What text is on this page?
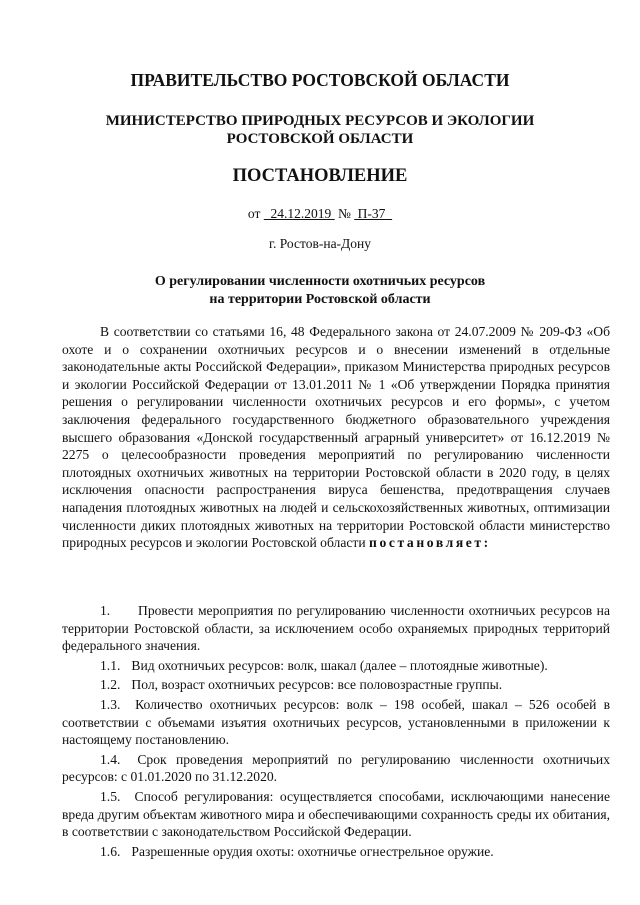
ПРАВИТЕЛЬСТВО РОСТОВСКОЙ ОБЛАСТИ
МИНИСТЕРСТВО ПРИРОДНЫХ РЕСУРСОВ И ЭКОЛОГИИ
РОСТОВСКОЙ ОБЛАСТИ
ПОСТАНОВЛЕНИЕ
от 24.12.2019 № П-37
г. Ростов-на-Дону
О регулировании численности охотничьих ресурсов
на территории Ростовской области

В соответствии со статьями 16, 48 Федерального закона от 24.07.2009 № 209-ФЗ «Об охоте и о сохранении охотничьих ресурсов и о внесении изменений в отдельные законодательные акты Российской Федерации», приказом Министерства природных ресурсов и экологии Российской Федерации от 13.01.2011 № 1 «Об утверждении Порядка принятия решения о регулировании численности охотничьих ресурсов и его формы», с учетом заключения федерального государственного бюджетного образовательного учреждения высшего образования «Донской государственный аграрный университет» от 16.12.2019 № 2275 о целесообразности проведения мероприятий по регулированию численности плотоядных охотничьих животных на территории Ростовской области в 2020 году, в целях исключения опасности распространения вируса бешенства, предотвращения случаев нападения плотоядных животных на людей и сельскохозяйственных животных, оптимизации численности диких плотоядных животных на территории Ростовской области министерство природных ресурсов и экологии Ростовской области постановляет:

1. Провести мероприятия по регулированию численности охотничьих ресурсов на территории Ростовской области, за исключением особо охраняемых природных территорий федерального значения.

1.1. Вид охотничьих ресурсов: волк, шакал (далее – плотоядные животные).

1.2. Пол, возраст охотничьих ресурсов: все половозрастные группы.

1.3. Количество охотничьих ресурсов: волк – 198 особей, шакал – 526 особей в соответствии с объемами изъятия охотничьих ресурсов, установленными в приложении к настоящему постановлению.

1.4. Срок проведения мероприятий по регулированию численности охотничьих ресурсов: с 01.01.2020 по 31.12.2020.

1.5. Способ регулирования: осуществляется способами, исключающими нанесение вреда другим объектам животного мира и обеспечивающими сохранность среды их обитания, в соответствии с законодательством Российской Федерации.

1.6. Разрешенные орудия охоты: охотничье огнестрельное оружие.
